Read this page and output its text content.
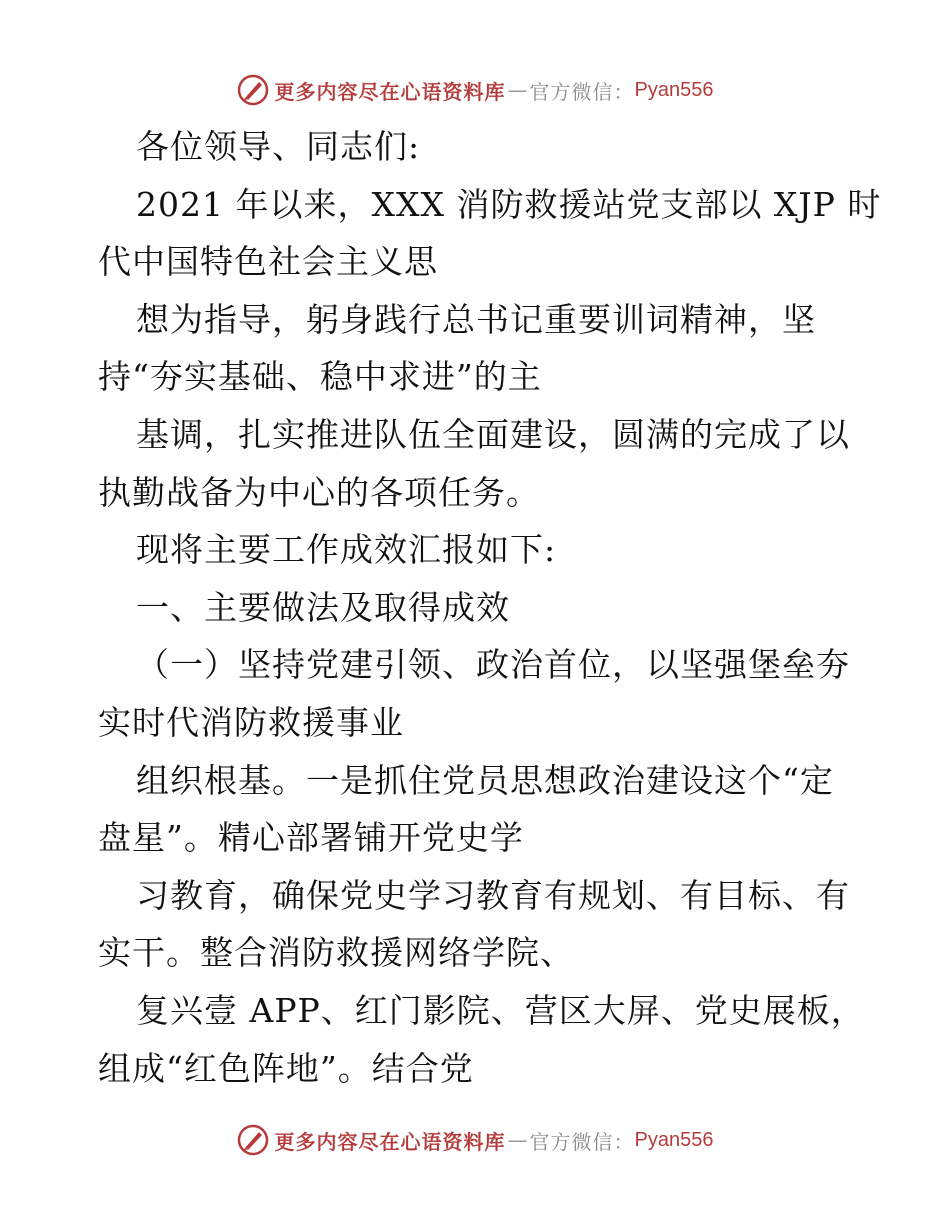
更多内容尽在心语资料库 — 官方微信： Pyan556
各位领导、同志们:
2021 年以来，XXX 消防救援站党支部以 XJP 时
代中国特色社会主义思
想为指导，躬身践行总书记重要训词精神，坚
持“夯实基础、稳中求进”的主
基调，扎实推进队伍全面建设，圆满的完成了以
执勤战备为中心的各项任务。
现将主要工作成效汇报如下:
一、主要做法及取得成效
（一）坚持党建引领、政治首位，以坚强堡垒夯
实时代消防救援事业
组织根基。一是抓住党员思想政治建设这个“定
盘星”。精心部署铺开党史学
习教育，确保党史学习教育有规划、有目标、有
实干。整合消防救援网络学院、
复兴壹 APP、红门影院、营区大屏、党史展板，
组成“红色阵地”。结合党
更多内容尽在心语资料库 — 官方微信： Pyan556
